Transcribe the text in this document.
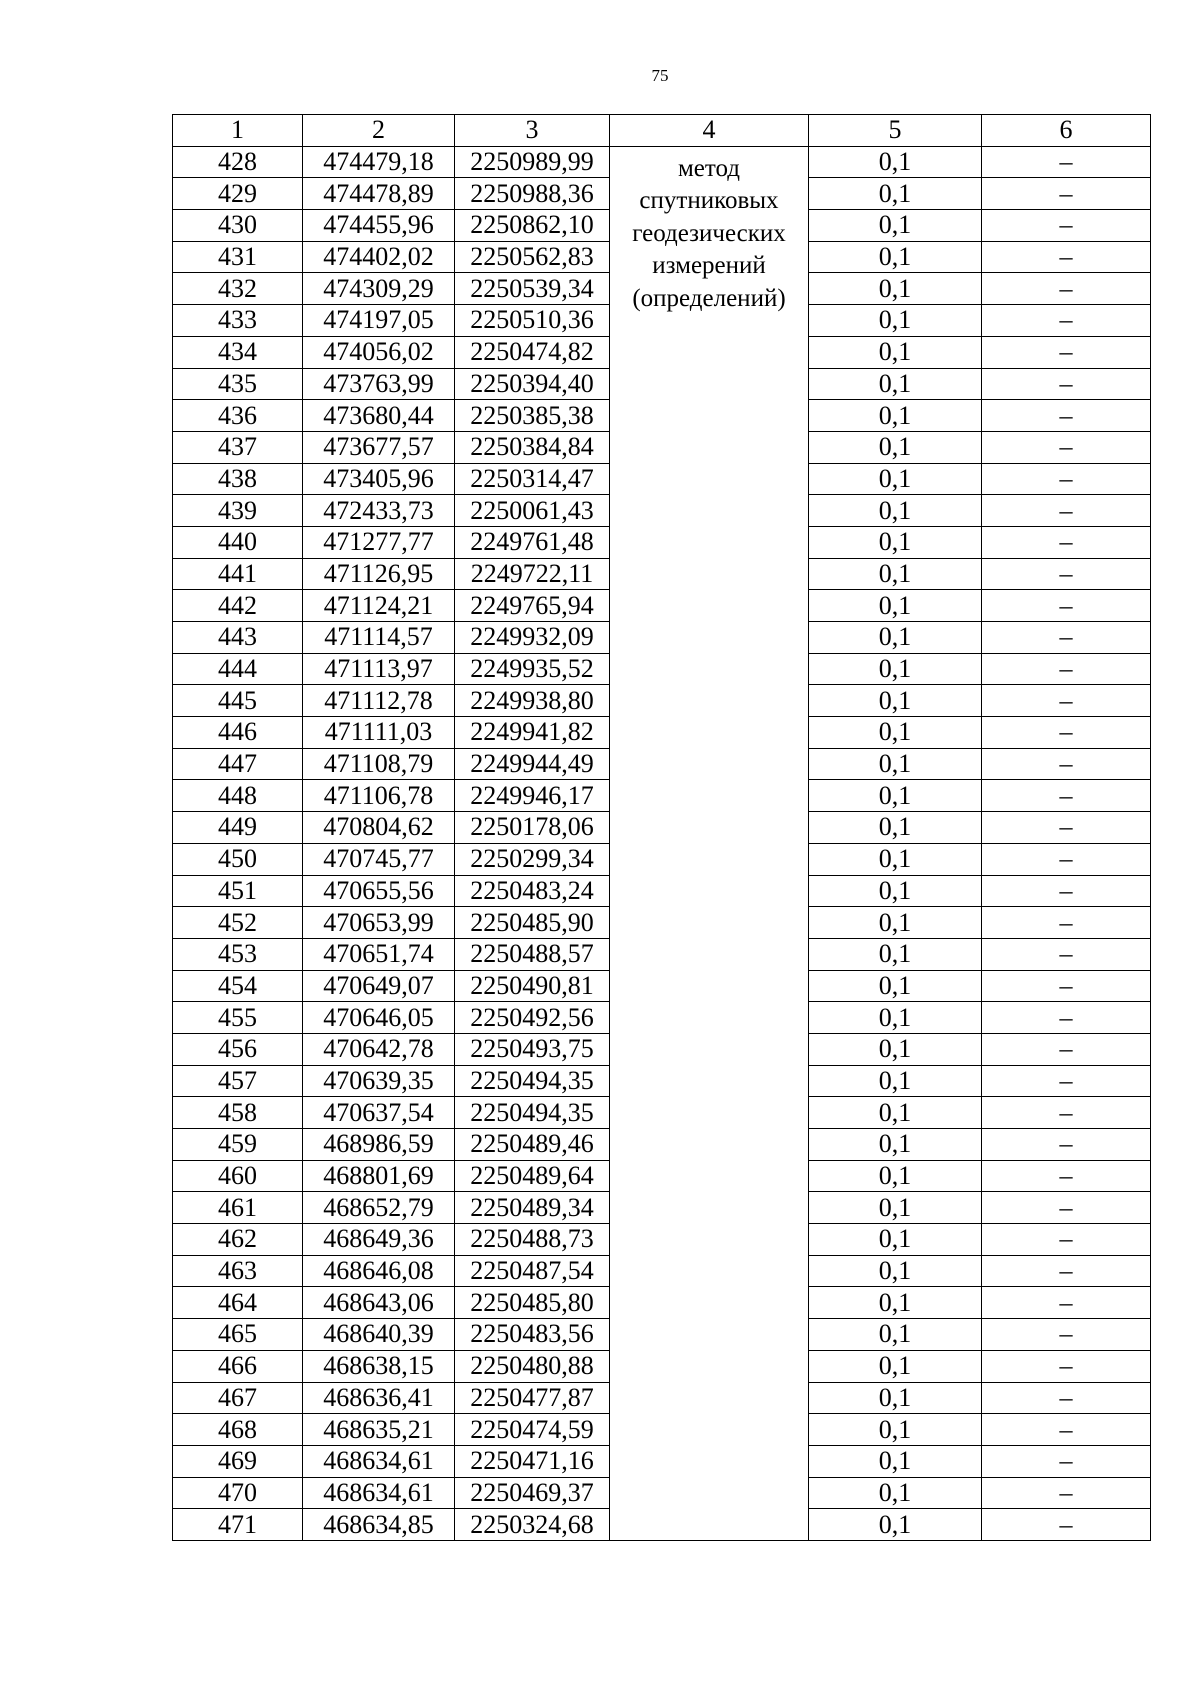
75
1	2	3	4	5	6
428	474479,18	2250989,99	метод
спутниковых
геодезических
измерений
(определений)	0,1	–
429	474478,89	2250988,36		0,1	–
430	474455,96	2250862,10		0,1	–
431	474402,02	2250562,83		0,1	–
432	474309,29	2250539,34		0,1	–
433	474197,05	2250510,36		0,1	–
434	474056,02	2250474,82		0,1	–
435	473763,99	2250394,40		0,1	–
436	473680,44	2250385,38		0,1	–
437	473677,57	2250384,84		0,1	–
438	473405,96	2250314,47		0,1	–
439	472433,73	2250061,43		0,1	–
440	471277,77	2249761,48		0,1	–
441	471126,95	2249722,11		0,1	–
442	471124,21	2249765,94		0,1	–
443	471114,57	2249932,09		0,1	–
444	471113,97	2249935,52		0,1	–
445	471112,78	2249938,80		0,1	–
446	471111,03	2249941,82		0,1	–
447	471108,79	2249944,49		0,1	–
448	471106,78	2249946,17		0,1	–
449	470804,62	2250178,06		0,1	–
450	470745,77	2250299,34		0,1	–
451	470655,56	2250483,24		0,1	–
452	470653,99	2250485,90		0,1	–
453	470651,74	2250488,57		0,1	–
454	470649,07	2250490,81		0,1	–
455	470646,05	2250492,56		0,1	–
456	470642,78	2250493,75		0,1	–
457	470639,35	2250494,35		0,1	–
458	470637,54	2250494,35		0,1	–
459	468986,59	2250489,46		0,1	–
460	468801,69	2250489,64		0,1	–
461	468652,79	2250489,34		0,1	–
462	468649,36	2250488,73		0,1	–
463	468646,08	2250487,54		0,1	–
464	468643,06	2250485,80		0,1	–
465	468640,39	2250483,56		0,1	–
466	468638,15	2250480,88		0,1	–
467	468636,41	2250477,87		0,1	–
468	468635,21	2250474,59		0,1	–
469	468634,61	2250471,16		0,1	–
470	468634,61	2250469,37		0,1	–
471	468634,85	2250324,68		0,1	–
